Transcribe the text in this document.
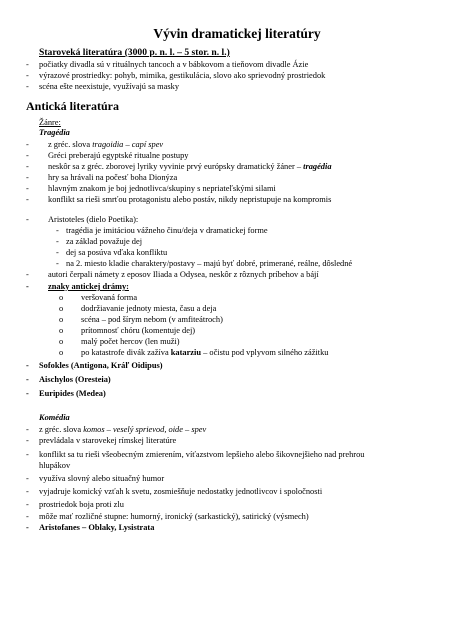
Vývin dramatickej literatúry
Staroveká literatúra (3000 p. n. l. – 5 stor. n. l.)
- počiatky divadla sú v rituálnych tancoch a v bábkovom a tieňovom divadle Ázie
- výrazové prostriedky: pohyb, mimika, gestikulácia, slovo ako sprievodný prostriedok
- scéna ešte neexistuje, využívajú sa masky
Antická literatúra
Žánre:
Tragédia
- z gréc. slova tragoidia – capí spev
- Gréci preberajú egyptské ritualne postupy
- neskôr sa z gréc. zborovej lyriky vyvinie prvý európsky dramatický žáner – tragédia
- hry sa hrávali na počesť boha Dionýza
- hlavným znakom je boj jednotlivca/skupiny s nepriateľskými silami
- konflikt sa rieši smrťou protagonistu alebo postáv, nikdy nepristupuje na kompromis
- Aristoteles (dielo Poetika):
- tragédia je imitáciou vážneho činu/deja v dramatickej forme
- za základ považuje dej
- dej sa posúva vďaka konfliktu
- na 2. miesto kladie charaktery/postavy – majú byť dobré, primerané, reálne, dôsledné
- autori čerpali námety z eposov Iliada a Odysea, neskôr z rôznych príbehov a bájí
- znaky antickej drámy:
o veršovaná forma
o dodržiavanie jednoty miesta, času a deja
o scéna – pod šírym nebom (v amfiteátroch)
o prítomnosť chóru (komentuje dej)
o malý počet hercov (len muži)
o po katastrofe divák zažíva katarziu – očistu pod vplyvom silného zážitku
- Sofokles (Antigona, Kráľ Oidipus)
- Aischylos (Oresteia)
- Euripides (Medea)
Komédia
- z gréc. slova komos – veselý sprievod, oide – spev
- prevládala v starovekej rímskej literatúre
- konflikt sa tu rieši všeobecným zmierením, víťazstvom lepšieho alebo šikovnejšieho nad prehrou
hlupákov
- využíva slovný alebo situačný humor
- vyjadruje komický vzťah k svetu, zosmiešňuje nedostatky jednotlivcov i spoločnosti
- prostriedok boja proti zlu
- môže mať rozličné stupne: humorný, ironický (sarkastický), satirický (výsmech)
- Aristofanes – Oblaky, Lysistrata
